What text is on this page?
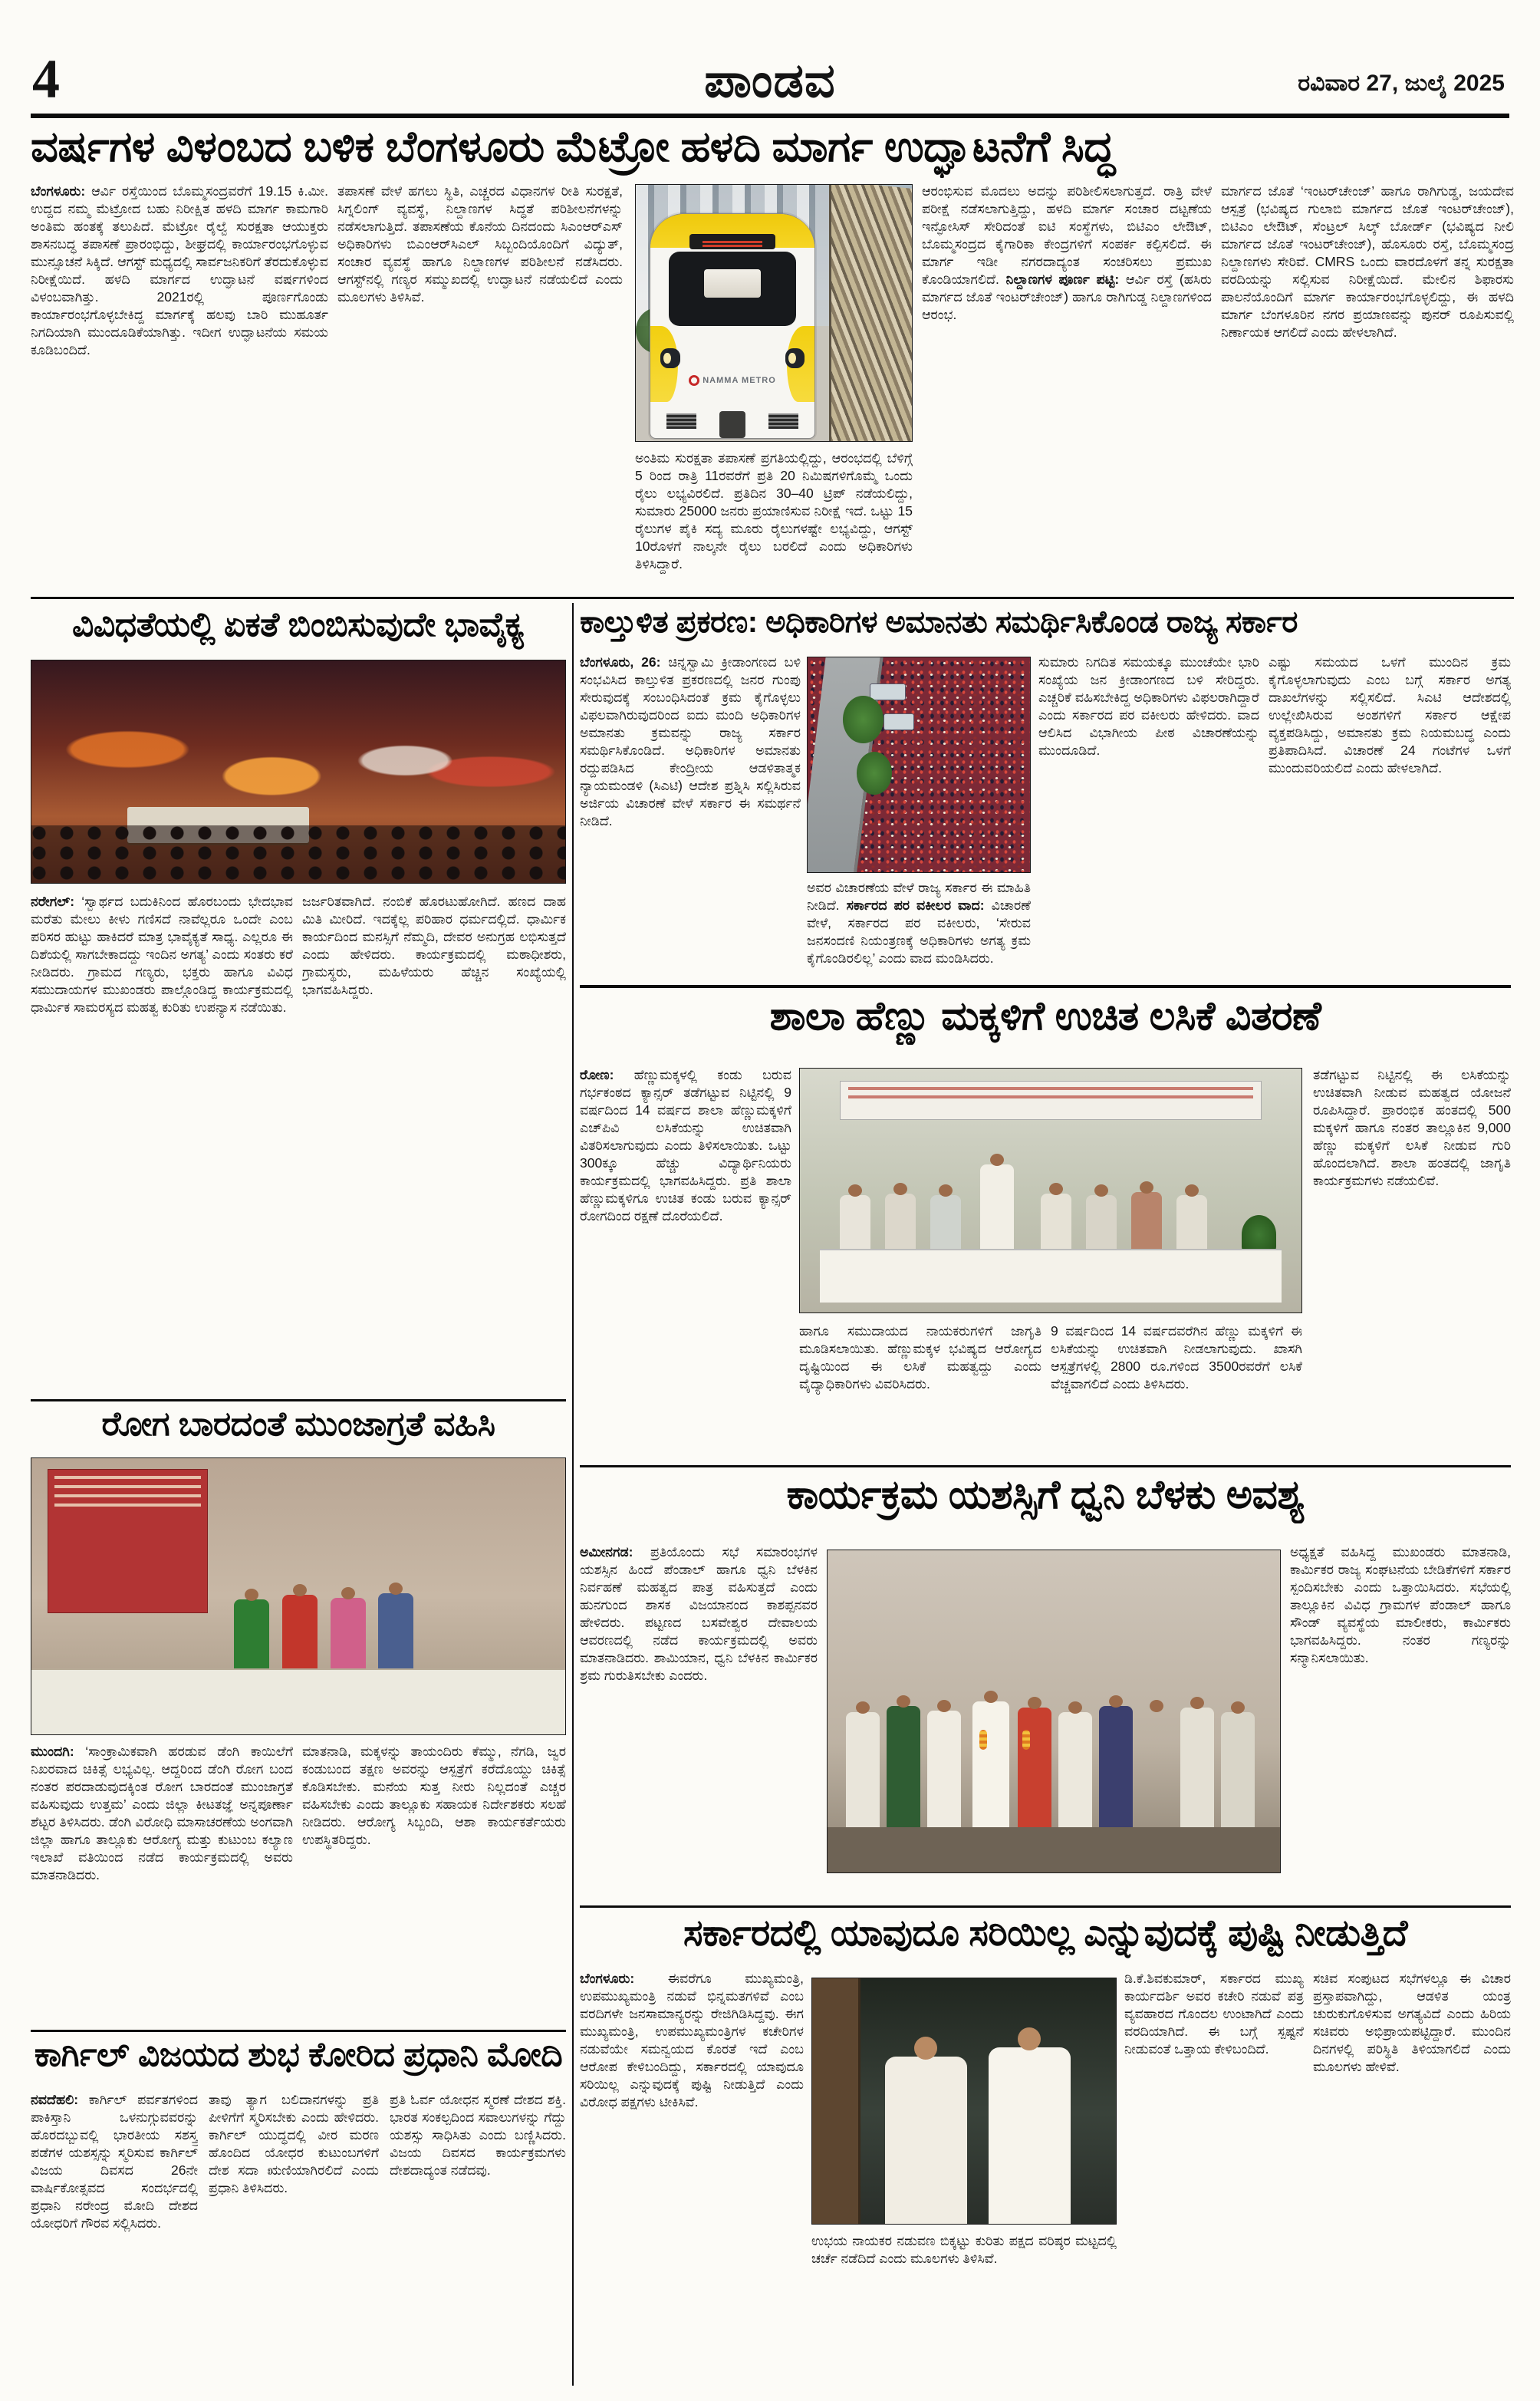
4	ಪಾಂಡವ	ರವಿವಾರ 27, ಜುಲೈ 2025
ವರ್ಷಗಳ ವಿಳಂಬದ ಬಳಿಕ ಬೆಂಗಳೂರು ಮೆಟ್ರೋ ಹಳದಿ ಮಾರ್ಗ ಉದ್ಘಾಟನೆಗೆ ಸಿದ್ಧ

ಬೆಂಗಳೂರು: ಆರ್ವಿ ರಸ್ತೆಯಿಂದ ಬೊಮ್ಮಸಂದ್ರವರೆಗೆ 19.15 ಕಿ.ಮೀ. ಉದ್ದದ ನಮ್ಮ ಮೆಟ್ರೋದ ಬಹು ನಿರೀಕ್ಷಿತ ಹಳದಿ ಮಾರ್ಗ ಕಾಮಗಾರಿ ಅಂತಿಮ ಹಂತಕ್ಕೆ ತಲುಪಿದೆ. ಮೆಟ್ರೋ ರೈಲ್ವೆ ಸುರಕ್ಷತಾ ಆಯುಕ್ತರು ಶಾಸನಬದ್ಧ ತಪಾಸಣೆ ಪ್ರಾರಂಭಿದ್ದು, ಶೀಘ್ರದಲ್ಲಿ ಕಾರ್ಯಾರಂಭಗೊಳ್ಳುವ ಮುನ್ಸೂಚನೆ ಸಿಕ್ಕಿದೆ. ಆಗಸ್ಟ್ ಮಧ್ಯದಲ್ಲಿ ಸಾರ್ವಜನಿಕರಿಗೆ ತೆರದುಕೊಳ್ಳುವ ನಿರೀಕ್ಷೆಯಿದೆ. ಹಳದಿ ಮಾರ್ಗದ ಉದ್ಘಾಟನೆ ವರ್ಷಗಳಿಂದ ವಿಳಂಬವಾಗಿತ್ತು. 2021ರಲ್ಲಿ ಪೂರ್ಣಗೊಂಡು ಕಾರ್ಯಾರಂಭಗೊಳ್ಳಬೇಕಿದ್ದ ಮಾರ್ಗಕ್ಕೆ ಹಲವು ಬಾರಿ ಮುಹೂರ್ತ ನಿಗದಿಯಾಗಿ ಮುಂದೂಡಿಕೆಯಾಗಿತ್ತು. ಇದೀಗ ಉದ್ಘಾಟನೆಯ ಸಮಯ ಕೂಡಿಬಂದಿದೆ.

ತಪಾಸಣೆ ವೇಳೆ ಹಗಲು ಸ್ಥಿತಿ, ಎಚ್ಚರದ ವಿಧಾನಗಳ ರೀತಿ ಸುರಕ್ಷತೆ, ಸಿಗ್ನಲಿಂಗ್ ವ್ಯವಸ್ಥೆ, ನಿಲ್ದಾಣಗಳ ಸಿದ್ಧತೆ ಪರಿಶೀಲನೆಗಳನ್ನು ನಡೆಸಲಾಗುತ್ತಿದೆ. ತಪಾಸಣೆಯ ಕೊನೆಯ ದಿನದಂದು ಸಿಎಂಆರ್‌ಎಸ್ ಅಧಿಕಾರಿಗಳು ಬಿಎಂಆರ್‌ಸಿಎಲ್ ಸಿಬ್ಬಂದಿಯೊಂದಿಗೆ ವಿದ್ಯುತ್, ಸಂಚಾರ ವ್ಯವಸ್ಥೆ ಹಾಗೂ ನಿಲ್ದಾಣಗಳ ಪರಿಶೀಲನೆ ನಡೆಸಿದರು. ಆಗಸ್ಟ್‌ನಲ್ಲಿ ಗಣ್ಯರ ಸಮ್ಮುಖದಲ್ಲಿ ಉದ್ಘಾಟನೆ ನಡೆಯಲಿದೆ ಎಂದು ಮೂಲಗಳು ತಿಳಿಸಿವೆ.

NAMMA METRO

ಅಂತಿಮ ಸುರಕ್ಷತಾ ತಪಾಸಣೆ ಪ್ರಗತಿಯಲ್ಲಿದ್ದು, ಆರಂಭದಲ್ಲಿ ಬೆಳಿಗ್ಗೆ 5 ರಿಂದ ರಾತ್ರಿ 11ರವರೆಗೆ ಪ್ರತಿ 20 ನಿಮಿಷಗಳಿಗೊಮ್ಮೆ ಒಂದು ರೈಲು ಲಭ್ಯವಿರಲಿದೆ. ಪ್ರತಿದಿನ 30–40 ಟ್ರಿಪ್ ನಡೆಯಲಿದ್ದು, ಸುಮಾರು 25000 ಜನರು ಪ್ರಯಾಣಿಸುವ ನಿರೀಕ್ಷೆ ಇದೆ. ಒಟ್ಟು 15 ರೈಲುಗಳ ಪೈಕಿ ಸದ್ಯ ಮೂರು ರೈಲುಗಳಷ್ಟೇ ಲಭ್ಯವಿದ್ದು, ಆಗಸ್ಟ್ 10ರೊಳಗೆ ನಾಲ್ಕನೇ ರೈಲು ಬರಲಿದೆ ಎಂದು ಅಧಿಕಾರಿಗಳು ತಿಳಿಸಿದ್ದಾರೆ.

ಆರಂಭಿಸುವ ಮೊದಲು ಅದನ್ನು ಪರಿಶೀಲಿಸಲಾಗುತ್ತದೆ. ರಾತ್ರಿ ವೇಳೆ ಪರೀಕ್ಷೆ ನಡೆಸಲಾಗುತ್ತಿದ್ದು, ಹಳದಿ ಮಾರ್ಗ ಸಂಚಾರ ದಟ್ಟಣೆಯ ಇನ್ಫೋಸಿಸ್ ಸೇರಿದಂತೆ ಐಟಿ ಸಂಸ್ಥೆಗಳು, ಬಿಟಿಎಂ ಲೇಔಟ್, ಬೊಮ್ಮಸಂದ್ರದ ಕೈಗಾರಿಕಾ ಕೇಂದ್ರಗಳಿಗೆ ಸಂಪರ್ಕ ಕಲ್ಪಿಸಲಿದೆ. ಈ ಮಾರ್ಗ ಇಡೀ ನಗರದಾದ್ಯಂತ ಸಂಚರಿಸಲು ಪ್ರಮುಖ ಕೊಂಡಿಯಾಗಲಿದೆ. ನಿಲ್ದಾಣಗಳ ಪೂರ್ಣ ಪಟ್ಟಿ: ಆರ್ವಿ ರಸ್ತೆ (ಹಸಿರು ಮಾರ್ಗದ ಜೊತೆ ಇಂಟರ್‌ಚೇಂಜ್) ಹಾಗೂ ರಾಗಿಗುಡ್ಡ ನಿಲ್ದಾಣಗಳಿಂದ ಆರಂಭ.

ಮಾರ್ಗದ ಜೊತೆ ‘ಇಂಟರ್‌ಚೇಂಜ್’ ಹಾಗೂ ರಾಗಿಗುಡ್ಡ, ಜಯದೇವ ಆಸ್ಪತ್ರೆ (ಭವಿಷ್ಯದ ಗುಲಾಬಿ ಮಾರ್ಗದ ಜೊತೆ ಇಂಟರ್‌ಚೇಂಜ್), ಬಿಟಿಎಂ ಲೇಔಟ್, ಸೆಂಟ್ರಲ್ ಸಿಲ್ಕ್ ಬೋರ್ಡ್ (ಭವಿಷ್ಯದ ನೀಲಿ ಮಾರ್ಗದ ಜೊತೆ ಇಂಟರ್‌ಚೇಂಜ್), ಹೊಸೂರು ರಸ್ತೆ, ಬೊಮ್ಮಸಂದ್ರ ನಿಲ್ದಾಣಗಳು ಸೇರಿವೆ. CMRS ಒಂದು ವಾರದೊಳಗೆ ತನ್ನ ಸುರಕ್ಷತಾ ವರದಿಯನ್ನು ಸಲ್ಲಿಸುವ ನಿರೀಕ್ಷೆಯಿದೆ. ಮೇಲಿನ ಶಿಫಾರಸು ಪಾಲನೆಯೊಂದಿಗೆ ಮಾರ್ಗ ಕಾರ್ಯಾರಂಭಗೊಳ್ಳಲಿದ್ದು, ಈ ಹಳದಿ ಮಾರ್ಗ ಬೆಂಗಳೂರಿನ ನಗರ ಪ್ರಯಾಣವನ್ನು ಪುನರ್‌ ರೂಪಿಸುವಲ್ಲಿ ನಿರ್ಣಾಯಕ ಆಗಲಿದೆ ಎಂದು ಹೇಳಲಾಗಿದೆ.

ವಿವಿಧತೆಯಲ್ಲಿ ಏಕತೆ ಬಿಂಬಿಸುವುದೇ ಭಾವೈಕ್ಯ

ನರೇಗಲ್: ‘ಸ್ವಾರ್ಥದ ಬದುಕಿನಿಂದ ಹೊರಬಂದು ಭೇದಭಾವ ಮರೆತು ಮೇಲು ಕೀಳು ಗಣಿಸದೆ ನಾವೆಲ್ಲರೂ ಒಂದೇ ಎಂಬ ಪರಿಸರ ಹುಟ್ಟು ಹಾಕಿದರೆ ಮಾತ್ರ ಭಾವೈಕ್ಯತೆ ಸಾಧ್ಯ. ಎಲ್ಲರೂ ಈ ದಿಶೆಯಲ್ಲಿ ಸಾಗಬೇಕಾದದ್ದು ಇಂದಿನ ಅಗತ್ಯ’ ಎಂದು ಸಂತರು ಕರೆ ನೀಡಿದರು. ಗ್ರಾಮದ ಗಣ್ಯರು, ಭಕ್ತರು ಹಾಗೂ ವಿವಿಧ ಸಮುದಾಯಗಳ ಮುಖಂಡರು ಪಾಲ್ಗೊಂಡಿದ್ದ ಕಾರ್ಯಕ್ರಮದಲ್ಲಿ ಧಾರ್ಮಿಕ ಸಾಮರಸ್ಯದ ಮಹತ್ವ ಕುರಿತು ಉಪನ್ಯಾಸ ನಡೆಯಿತು.

ಜರ್ಜರಿತವಾಗಿದೆ. ನಂಬಿಕೆ ಹೊರಟುಹೋಗಿದೆ. ಹಣದ ದಾಹ ಮಿತಿ ಮೀರಿದೆ. ಇದಕ್ಕೆಲ್ಲ ಪರಿಹಾರ ಧರ್ಮದಲ್ಲಿದೆ. ಧಾರ್ಮಿಕ ಕಾರ್ಯದಿಂದ ಮನಸ್ಸಿಗೆ ನೆಮ್ಮದಿ, ದೇವರ ಅನುಗ್ರಹ ಲಭಿಸುತ್ತದೆ ಎಂದು ಹೇಳಿದರು. ಕಾರ್ಯಕ್ರಮದಲ್ಲಿ ಮಠಾಧೀಶರು, ಗ್ರಾಮಸ್ಥರು, ಮಹಿಳೆಯರು ಹೆಚ್ಚಿನ ಸಂಖ್ಯೆಯಲ್ಲಿ ಭಾಗವಹಿಸಿದ್ದರು.

ರೋಗ ಬಾರದಂತೆ ಮುಂಜಾಗ್ರತೆ ವಹಿಸಿ

ಮುಂದಗಿ: ‘ಸಾಂಕ್ರಾಮಿಕವಾಗಿ ಹರಡುವ ಡೆಂಗಿ ಕಾಯಿಲೆಗೆ ನಿಖರವಾದ ಚಿಕಿತ್ಸೆ ಲಭ್ಯವಿಲ್ಲ. ಆದ್ದರಿಂದ ಡೆಂಗಿ ರೋಗ ಬಂದ ನಂತರ ಪರದಾಡುವುದಕ್ಕಿಂತ ರೋಗ ಬಾರದಂತೆ ಮುಂಜಾಗ್ರತೆ ವಹಿಸುವುದು ಉತ್ತಮ’ ಎಂದು ಜಿಲ್ಲಾ ಕೀಟತಜ್ಞೆ ಅನ್ನಪೂರ್ಣಾ ಶೆಟ್ಟರ ತಿಳಿಸಿದರು. ಡೆಂಗಿ ವಿರೋಧಿ ಮಾಸಾಚರಣೆಯ ಅಂಗವಾಗಿ ಜಿಲ್ಲಾ ಹಾಗೂ ತಾಲ್ಲೂಕು ಆರೋಗ್ಯ ಮತ್ತು ಕುಟುಂಬ ಕಲ್ಯಾಣ ಇಲಾಖೆ ವತಿಯಿಂದ ನಡೆದ ಕಾರ್ಯಕ್ರಮದಲ್ಲಿ ಅವರು ಮಾತನಾಡಿದರು.

ಮಾತನಾಡಿ, ಮಕ್ಕಳನ್ನು ತಾಯಂದಿರು ಕೆಮ್ಮು, ನೆಗಡಿ, ಜ್ವರ ಕಂಡುಬಂದ ತಕ್ಷಣ ಅವರನ್ನು ಆಸ್ಪತ್ರೆಗೆ ಕರೆದೊಯ್ದು ಚಿಕಿತ್ಸೆ ಕೊಡಿಸಬೇಕು. ಮನೆಯ ಸುತ್ತ ನೀರು ನಿಲ್ಲದಂತೆ ಎಚ್ಚರ ವಹಿಸಬೇಕು ಎಂದು ತಾಲ್ಲೂಕು ಸಹಾಯಕ ನಿರ್ದೇಶಕರು ಸಲಹೆ ನೀಡಿದರು. ಆರೋಗ್ಯ ಸಿಬ್ಬಂದಿ, ಆಶಾ ಕಾರ್ಯಕರ್ತೆಯರು ಉಪಸ್ಥಿತರಿದ್ದರು.

ಕಾರ್ಗಿಲ್ ವಿಜಯದ ಶುಭ ಕೋರಿದ ಪ್ರಧಾನಿ ಮೋದಿ

ನವದೆಹಲಿ: ಕಾರ್ಗಿಲ್ ಪರ್ವತಗಳಿಂದ ಪಾಕಿಸ್ತಾನಿ ಒಳನುಗ್ಗುವವರನ್ನು ಹೊರದಬ್ಬುವಲ್ಲಿ ಭಾರತೀಯ ಸಶಸ್ತ್ರ ಪಡೆಗಳ ಯಶಸ್ಸನ್ನು ಸ್ಮರಿಸುವ ಕಾರ್ಗಿಲ್ ವಿಜಯ ದಿವಸದ 26ನೇ ವಾರ್ಷಿಕೋತ್ಸವದ ಸಂದರ್ಭದಲ್ಲಿ ಪ್ರಧಾನಿ ನರೇಂದ್ರ ಮೋದಿ ದೇಶದ ಯೋಧರಿಗೆ ಗೌರವ ಸಲ್ಲಿಸಿದರು.

ತಾವು ತ್ಯಾಗ ಬಲಿದಾನಗಳನ್ನು ಪ್ರತಿ ಪೀಳಿಗೆಗೆ ಸ್ಮರಿಸಬೇಕು ಎಂದು ಹೇಳಿದರು. ಕಾರ್ಗಿಲ್ ಯುದ್ಧದಲ್ಲಿ ವೀರ ಮರಣ ಹೊಂದಿದ ಯೋಧರ ಕುಟುಂಬಗಳಿಗೆ ದೇಶ ಸದಾ ಋಣಿಯಾಗಿರಲಿದೆ ಎಂದು ಪ್ರಧಾನಿ ತಿಳಿಸಿದರು.

ಪ್ರತಿ ಓರ್ವ ಯೋಧನ ಸ್ಮರಣೆ ದೇಶದ ಶಕ್ತಿ. ಭಾರತ ಸಂಕಲ್ಪದಿಂದ ಸವಾಲುಗಳನ್ನು ಗೆದ್ದು ಯಶಸ್ಸು ಸಾಧಿಸಿತು ಎಂದು ಬಣ್ಣಿಸಿದರು. ವಿಜಯ ದಿವಸದ ಕಾರ್ಯಕ್ರಮಗಳು ದೇಶದಾದ್ಯಂತ ನಡೆದವು.

ಕಾಲ್ತುಳಿತ ಪ್ರಕರಣ: ಅಧಿಕಾರಿಗಳ ಅಮಾನತು ಸಮರ್ಥಿಸಿಕೊಂಡ ರಾಜ್ಯ ಸರ್ಕಾರ

ಬೆಂಗಳೂರು, 26: ಚಿನ್ನಸ್ವಾಮಿ ಕ್ರೀಡಾಂಗಣದ ಬಳಿ ಸಂಭವಿಸಿದ ಕಾಲ್ತುಳಿತ ಪ್ರಕರಣದಲ್ಲಿ ಜನರ ಗುಂಪು ಸೇರುವುದಕ್ಕೆ ಸಂಬಂಧಿಸಿದಂತೆ ಕ್ರಮ ಕೈಗೊಳ್ಳಲು ವಿಫಲವಾಗಿರುವುದರಿಂದ ಐದು ಮಂದಿ ಅಧಿಕಾರಿಗಳ ಅಮಾನತು ಕ್ರಮವನ್ನು ರಾಜ್ಯ ಸರ್ಕಾರ ಸಮರ್ಥಿಸಿಕೊಂಡಿದೆ. ಅಧಿಕಾರಿಗಳ ಅಮಾನತು ರದ್ದುಪಡಿಸಿದ ಕೇಂದ್ರೀಯ ಆಡಳಿತಾತ್ಮಕ ನ್ಯಾಯಮಂಡಳಿ (ಸಿಎಟಿ) ಆದೇಶ ಪ್ರಶ್ನಿಸಿ ಸಲ್ಲಿಸಿರುವ ಅರ್ಜಿಯ ವಿಚಾರಣೆ ವೇಳೆ ಸರ್ಕಾರ ಈ ಸಮರ್ಥನೆ ನೀಡಿದೆ.

ಅವರ ವಿಚಾರಣೆಯ ವೇಳೆ ರಾಜ್ಯ ಸರ್ಕಾರ ಈ ಮಾಹಿತಿ ನೀಡಿದೆ. ಸರ್ಕಾರದ ಪರ ವಕೀಲರ ವಾದ: ವಿಚಾರಣೆ ವೇಳೆ, ಸರ್ಕಾರದ ಪರ ವಕೀಲರು, ‘ಸೇರುವ ಜನಸಂದಣಿ ನಿಯಂತ್ರಣಕ್ಕೆ ಅಧಿಕಾರಿಗಳು ಅಗತ್ಯ ಕ್ರಮ ಕೈಗೊಂಡಿರಲಿಲ್ಲ’ ಎಂದು ವಾದ ಮಂಡಿಸಿದರು.

ಸುಮಾರು ನಿಗದಿತ ಸಮಯಕ್ಕೂ ಮುಂಚೆಯೇ ಭಾರಿ ಸಂಖ್ಯೆಯ ಜನ ಕ್ರೀಡಾಂಗಣದ ಬಳಿ ಸೇರಿದ್ದರು. ಎಚ್ಚರಿಕೆ ವಹಿಸಬೇಕಿದ್ದ ಅಧಿಕಾರಿಗಳು ವಿಫಲರಾಗಿದ್ದಾರೆ ಎಂದು ಸರ್ಕಾರದ ಪರ ವಕೀಲರು ಹೇಳಿದರು. ವಾದ ಆಲಿಸಿದ ವಿಭಾಗೀಯ ಪೀಠ ವಿಚಾರಣೆಯನ್ನು ಮುಂದೂಡಿದೆ.

ಎಷ್ಟು ಸಮಯದ ಒಳಗೆ ಮುಂದಿನ ಕ್ರಮ ಕೈಗೊಳ್ಳಲಾಗುವುದು ಎಂಬ ಬಗ್ಗೆ ಸರ್ಕಾರ ಅಗತ್ಯ ದಾಖಲೆಗಳನ್ನು ಸಲ್ಲಿಸಲಿದೆ. ಸಿಎಟಿ ಆದೇಶದಲ್ಲಿ ಉಲ್ಲೇಖಿಸಿರುವ ಅಂಶಗಳಿಗೆ ಸರ್ಕಾರ ಆಕ್ಷೇಪ ವ್ಯಕ್ತಪಡಿಸಿದ್ದು, ಅಮಾನತು ಕ್ರಮ ನಿಯಮಬದ್ಧ ಎಂದು ಪ್ರತಿಪಾದಿಸಿದೆ. ವಿಚಾರಣೆ 24 ಗಂಟೆಗಳ ಒಳಗೆ ಮುಂದುವರಿಯಲಿದೆ ಎಂದು ಹೇಳಲಾಗಿದೆ.

ಶಾಲಾ ಹೆಣ್ಣು ಮಕ್ಕಳಿಗೆ ಉಚಿತ ಲಸಿಕೆ ವಿತರಣೆ

ರೋಣ: ಹೆಣ್ಣುಮಕ್ಕಳಲ್ಲಿ ಕಂಡು ಬರುವ ಗರ್ಭಕಂಠದ ಕ್ಯಾನ್ಸರ್ ತಡೆಗಟ್ಟುವ ನಿಟ್ಟಿನಲ್ಲಿ 9 ವರ್ಷದಿಂದ 14 ವರ್ಷದ ಶಾಲಾ ಹೆಣ್ಣುಮಕ್ಕಳಿಗೆ ಎಚ್‌ಪಿವಿ ಲಸಿಕೆಯನ್ನು ಉಚಿತವಾಗಿ ವಿತರಿಸಲಾಗುವುದು ಎಂದು ತಿಳಿಸಲಾಯಿತು. ಒಟ್ಟು 300ಕ್ಕೂ ಹೆಚ್ಚು ವಿದ್ಯಾರ್ಥಿನಿಯರು ಕಾರ್ಯಕ್ರಮದಲ್ಲಿ ಭಾಗವಹಿಸಿದ್ದರು. ಪ್ರತಿ ಶಾಲಾ ಹೆಣ್ಣುಮಕ್ಕಳಿಗೂ ಉಚಿತ ಕಂಡು ಬರುವ ಕ್ಯಾನ್ಸರ್ ರೋಗದಿಂದ ರಕ್ಷಣೆ ದೊರೆಯಲಿದೆ.

ಹಾಗೂ ಸಮುದಾಯದ ನಾಯಕರುಗಳಿಗೆ ಜಾಗೃತಿ ಮೂಡಿಸಲಾಯಿತು. ಹೆಣ್ಣುಮಕ್ಕಳ ಭವಿಷ್ಯದ ಆರೋಗ್ಯದ ದೃಷ್ಟಿಯಿಂದ ಈ ಲಸಿಕೆ ಮಹತ್ವದ್ದು ಎಂದು ವೈದ್ಯಾಧಿಕಾರಿಗಳು ವಿವರಿಸಿದರು.

9 ವರ್ಷದಿಂದ 14 ವರ್ಷದವರೆಗಿನ ಹೆಣ್ಣು ಮಕ್ಕಳಿಗೆ ಈ ಲಸಿಕೆಯನ್ನು ಉಚಿತವಾಗಿ ನೀಡಲಾಗುವುದು. ಖಾಸಗಿ ಆಸ್ಪತ್ರೆಗಳಲ್ಲಿ 2800 ರೂ.ಗಳಿಂದ 3500ರವರೆಗೆ ಲಸಿಕೆ ವೆಚ್ಚವಾಗಲಿದೆ ಎಂದು ತಿಳಿಸಿದರು.

ತಡೆಗಟ್ಟುವ ನಿಟ್ಟಿನಲ್ಲಿ ಈ ಲಸಿಕೆಯನ್ನು ಉಚಿತವಾಗಿ ನೀಡುವ ಮಹತ್ವದ ಯೋಜನೆ ರೂಪಿಸಿದ್ದಾರೆ. ಪ್ರಾರಂಭಿಕ ಹಂತದಲ್ಲಿ 500 ಮಕ್ಕಳಿಗೆ ಹಾಗೂ ನಂತರ ತಾಲ್ಲೂಕಿನ 9,000 ಹೆಣ್ಣು ಮಕ್ಕಳಿಗೆ ಲಸಿಕೆ ನೀಡುವ ಗುರಿ ಹೊಂದಲಾಗಿದೆ. ಶಾಲಾ ಹಂತದಲ್ಲಿ ಜಾಗೃತಿ ಕಾರ್ಯಕ್ರಮಗಳು ನಡೆಯಲಿವೆ.

ಕಾರ್ಯಕ್ರಮ ಯಶಸ್ಸಿಗೆ ಧ್ವನಿ ಬೆಳಕು ಅವಶ್ಯ

ಅಮೀನಗಡ: ಪ್ರತಿಯೊಂದು ಸಭೆ ಸಮಾರಂಭಗಳ ಯಶಸ್ಸಿನ ಹಿಂದೆ ಪೆಂಡಾಲ್ ಹಾಗೂ ಧ್ವನಿ ಬೆಳಕಿನ ನಿರ್ವಹಣೆ ಮಹತ್ವದ ಪಾತ್ರ ವಹಿಸುತ್ತದೆ ಎಂದು ಹುನಗುಂದ ಶಾಸಕ ವಿಜಯಾನಂದ ಕಾಶಪ್ಪನವರ ಹೇಳಿದರು. ಪಟ್ಟಣದ ಬಸವೇಶ್ವರ ದೇವಾಲಯ ಆವರಣದಲ್ಲಿ ನಡೆದ ಕಾರ್ಯಕ್ರಮದಲ್ಲಿ ಅವರು ಮಾತನಾಡಿದರು. ಶಾಮಿಯಾನ, ಧ್ವನಿ ಬೆಳಕಿನ ಕಾರ್ಮಿಕರ ಶ್ರಮ ಗುರುತಿಸಬೇಕು ಎಂದರು.

ಅಧ್ಯಕ್ಷತೆ ವಹಿಸಿದ್ದ ಮುಖಂಡರು ಮಾತನಾಡಿ, ಕಾರ್ಮಿಕರ ರಾಜ್ಯ ಸಂಘಟನೆಯ ಬೇಡಿಕೆಗಳಿಗೆ ಸರ್ಕಾರ ಸ್ಪಂದಿಸಬೇಕು ಎಂದು ಒತ್ತಾಯಿಸಿದರು. ಸಭೆಯಲ್ಲಿ ತಾಲ್ಲೂಕಿನ ವಿವಿಧ ಗ್ರಾಮಗಳ ಪೆಂಡಾಲ್ ಹಾಗೂ ಸೌಂಡ್ ವ್ಯವಸ್ಥೆಯ ಮಾಲೀಕರು, ಕಾರ್ಮಿಕರು ಭಾಗವಹಿಸಿದ್ದರು. ನಂತರ ಗಣ್ಯರನ್ನು ಸನ್ಮಾನಿಸಲಾಯಿತು.

ಸರ್ಕಾರದಲ್ಲಿ ಯಾವುದೂ ಸರಿಯಿಲ್ಲ ಎನ್ನುವುದಕ್ಕೆ ಪುಷ್ಟಿ ನೀಡುತ್ತಿದೆ

ಬೆಂಗಳೂರು: ಈವರೆಗೂ ಮುಖ್ಯಮಂತ್ರಿ, ಉಪಮುಖ್ಯಮಂತ್ರಿ ನಡುವೆ ಭಿನ್ನಮತಗಳಿವೆ ಎಂಬ ವರದಿಗಳೇ ಜನಸಾಮಾನ್ಯರನ್ನು ರೇಜಿಗಿಡಿಸಿದ್ದವು. ಈಗ ಮುಖ್ಯಮಂತ್ರಿ, ಉಪಮುಖ್ಯಮಂತ್ರಿಗಳ ಕಚೇರಿಗಳ ನಡುವೆಯೇ ಸಮನ್ವಯದ ಕೊರತೆ ಇದೆ ಎಂಬ ಆರೋಪ ಕೇಳಿಬಂದಿದ್ದು, ಸರ್ಕಾರದಲ್ಲಿ ಯಾವುದೂ ಸರಿಯಿಲ್ಲ ಎನ್ನುವುದಕ್ಕೆ ಪುಷ್ಟಿ ನೀಡುತ್ತಿದೆ ಎಂದು ವಿರೋಧ ಪಕ್ಷಗಳು ಟೀಕಿಸಿವೆ.

ಉಭಯ ನಾಯಕರ ನಡುವಣ ಬಿಕ್ಕಟ್ಟು ಕುರಿತು ಪಕ್ಷದ ವರಿಷ್ಠರ ಮಟ್ಟದಲ್ಲಿ ಚರ್ಚೆ ನಡೆದಿದೆ ಎಂದು ಮೂಲಗಳು ತಿಳಿಸಿವೆ.

ಡಿ.ಕೆ.ಶಿವಕುಮಾರ್, ಸರ್ಕಾರದ ಮುಖ್ಯ ಕಾರ್ಯದರ್ಶಿ ಅವರ ಕಚೇರಿ ನಡುವೆ ಪತ್ರ ವ್ಯವಹಾರದ ಗೊಂದಲ ಉಂಟಾಗಿದೆ ಎಂದು ವರದಿಯಾಗಿದೆ. ಈ ಬಗ್ಗೆ ಸ್ಪಷ್ಟನೆ ನೀಡುವಂತೆ ಒತ್ತಾಯ ಕೇಳಿಬಂದಿದೆ.

ಸಚಿವ ಸಂಪುಟದ ಸಭೆಗಳಲ್ಲೂ ಈ ವಿಚಾರ ಪ್ರಸ್ತಾಪವಾಗಿದ್ದು, ಆಡಳಿತ ಯಂತ್ರ ಚುರುಕುಗೊಳಿಸುವ ಅಗತ್ಯವಿದೆ ಎಂದು ಹಿರಿಯ ಸಚಿವರು ಅಭಿಪ್ರಾಯಪಟ್ಟಿದ್ದಾರೆ. ಮುಂದಿನ ದಿನಗಳಲ್ಲಿ ಪರಿಸ್ಥಿತಿ ತಿಳಿಯಾಗಲಿದೆ ಎಂದು ಮೂಲಗಳು ಹೇಳಿವೆ.
